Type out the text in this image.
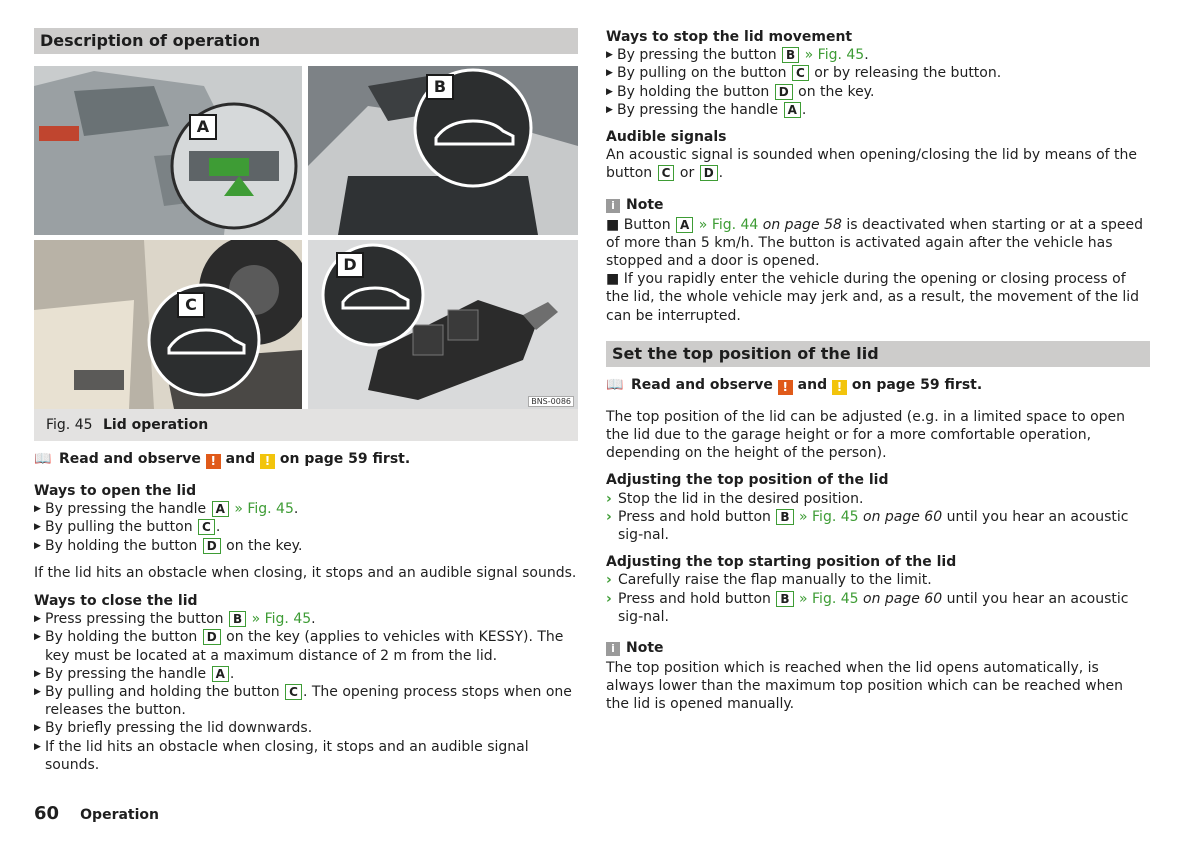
Description of operation
A
B
C
D
BNS-0086
Fig. 45 Lid operation
📖 Read and observe ! and ! on page 59 first.
Ways to open the lid
▶ By pressing the handle A » Fig. 45.
▶ By pulling the button C .
▶ By holding the button D on the key.

If the lid hits an obstacle when closing, it stops and an audible signal sounds.

Ways to close the lid
▶ Press pressing the button B » Fig. 45.
▶ By holding the button D on the key (applies to vehicles with KESSY). The key must be located at a maximum distance of 2 m from the lid.
▶ By pressing the handle A .
▶ By pulling and holding the button C . The opening process stops when one releases the button.
▶ By briefly pressing the lid downwards.
▶ If the lid hits an obstacle when closing, it stops and an audible signal sounds.
Ways to stop the lid movement
▶ By pressing the button B » Fig. 45.
▶ By pulling on the button C or by releasing the button.
▶ By holding the button D on the key.
▶ By pressing the handle A .
Audible signals

An acoustic signal is sounded when opening/closing the lid by means of the button C or D .

i Note

■ Button A » Fig. 44 on page 58 is deactivated when starting or at a speed of more than 5 km/h. The button is activated again after the vehicle has stopped and a door is opened.

■ If you rapidly enter the vehicle during the opening or closing process of the lid, the whole vehicle may jerk and, as a result, the movement of the lid can be interrupted.

Set the top position of the lid
📖 Read and observe ! and ! on page 59 first.

The top position of the lid can be adjusted (e.g. in a limited space to open the lid due to the garage height or for a more comfortable operation, depending on the height of the person).

Adjusting the top position of the lid
› Stop the lid in the desired position.
› Press and hold button B » Fig. 45 on page 60 until you hear an acoustic sig-nal.
Adjusting the top starting position of the lid
› Carefully raise the flap manually to the limit.
› Press and hold button B » Fig. 45 on page 60 until you hear an acoustic sig-nal.
i Note

The top position which is reached when the lid opens automatically, is always lower than the maximum top position which can be reached when the lid is opened manually.

60 Operation
